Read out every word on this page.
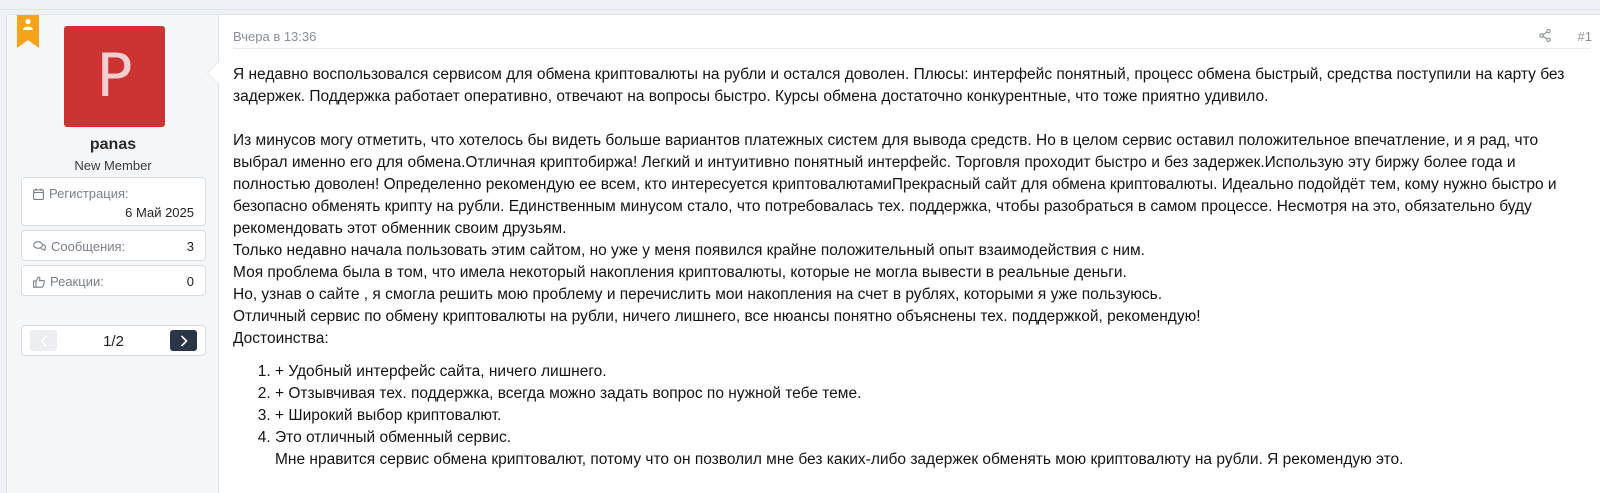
P
panas
New Member
Регистрация:
6 Май 2025
Сообщения:	3
Реакции:	0
1/2
Вчера в 13:36	#1

Я недавно воспользовался сервисом для обмена криптовалюты на рубли и остался доволен. Плюсы: интерфейс понятный, процесс обмена быстрый, средства поступили на карту без

задержек. Поддержка работает оперативно, отвечают на вопросы быстро. Курсы обмена достаточно конкурентные, что тоже приятно удивило.

Из минусов могу отметить, что хотелось бы видеть больше вариантов платежных систем для вывода средств. Но в целом сервис оставил положительное впечатление, и я рад, что

выбрал именно его для обмена.Отличная криптобиржа! Легкий и интуитивно понятный интерфейс. Торговля проходит быстро и без задержек.Использую эту биржу более года и

полностью доволен! Определенно рекомендую ее всем, кто интересуется криптовалютамиПрекрасный сайт для обмена криптовалюты. Идеально подойдёт тем, кому нужно быстро и

безопасно обменять крипту на рубли. Единственным минусом стало, что потребовалась тех. поддержка, чтобы разобраться в самом процессе. Несмотря на это, обязательно буду

рекомендовать этот обменник своим друзьям.

Только недавно начала пользовать этим сайтом, но уже у меня появился крайне положительный опыт взаимодействия с ним.

Моя проблема была в том, что имела некоторый накопления криптовалюты, которые не могла вывести в реальные деньги.

Но, узнав о сайте , я смогла решить мою проблему и перечислить мои накопления на счет в рублях, которыми я уже пользуюсь.

Отличный сервис по обмену криптовалюты на рубли, ничего лишнего, все нюансы понятно объяснены тех. поддержкой, рекомендую!

Достоинства:

1. + Удобный интерфейс сайта, ничего лишнего.
2. + Отзывчивая тех. поддержка, всегда можно задать вопрос по нужной тебе теме.
3. + Широкий выбор криптовалют.
4. Это отличный обменный сервис.
Мне нравится сервис обмена криптовалют, потому что он позволил мне без каких-либо задержек обменять мою криптовалюту на рубли. Я рекомендую это.
